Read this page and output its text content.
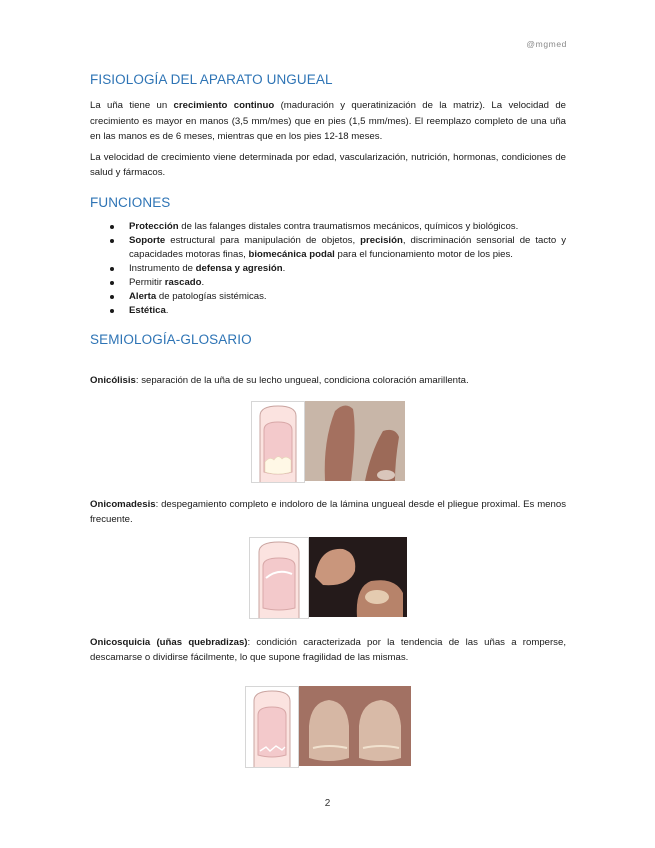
@mgmed
FISIOLOGÍA DEL APARATO UNGUEAL

La uña tiene un crecimiento continuo (maduración y queratinización de la matriz). La velocidad de crecimiento es mayor en manos (3,5 mm/mes) que en pies (1,5 mm/mes). El reemplazo completo de una uña en las manos es de 6 meses, mientras que en los pies 12-18 meses.

La velocidad de crecimiento viene determinada por edad, vascularización, nutrición, hormonas, condiciones de salud y fármacos.

FUNCIONES
Protección de las falanges distales contra traumatismos mecánicos, químicos y biológicos.
Soporte estructural para manipulación de objetos, precisión, discriminación sensorial de tacto y capacidades motoras finas, biomecánica podal para el funcionamiento motor de los pies.
Instrumento de defensa y agresión.
Permitir rascado.
Alerta de patologías sistémicas.
Estética.
SEMIOLOGÍA-GLOSARIO

Onicólisis: separación de la uña de su lecho ungueal, condiciona coloración amarillenta.

Onicomadesis: despegamiento completo e indoloro de la lámina ungueal desde el pliegue proximal. Es menos frecuente.

Onicosquicia (uñas quebradizas): condición caracterizada por la tendencia de las uñas a romperse, descamarse o dividirse fácilmente, lo que supone fragilidad de las mismas.

2
